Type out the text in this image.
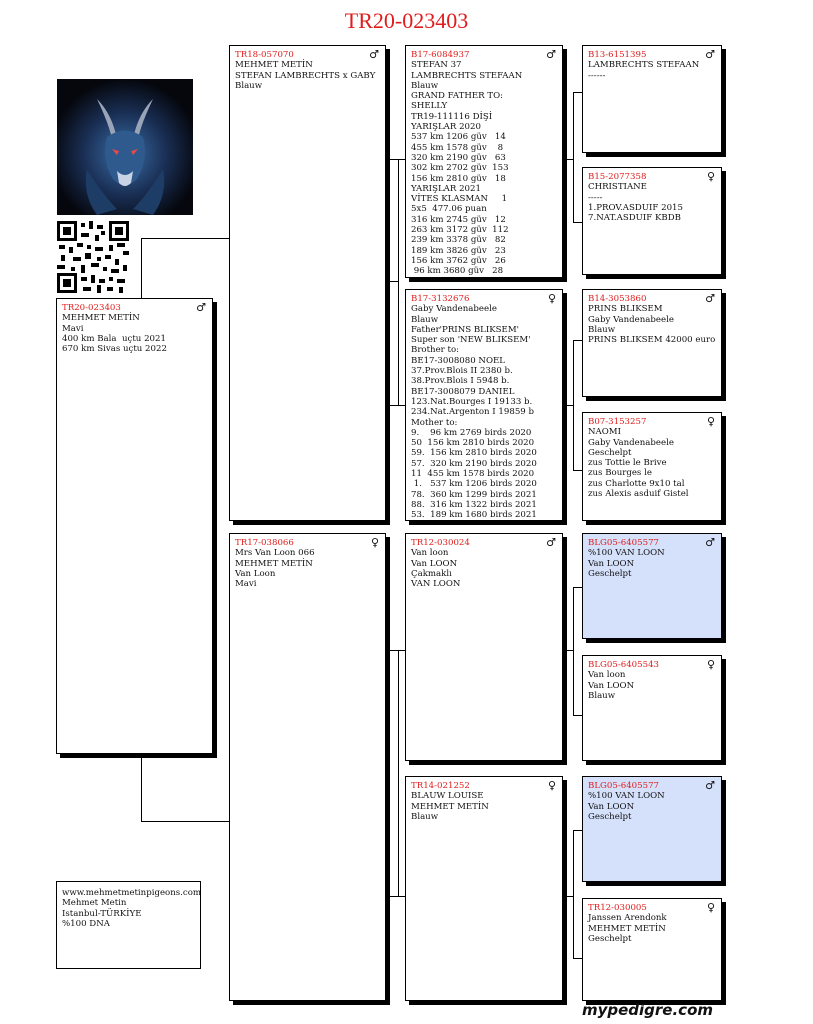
TR20-023403
TR20-023403	♂
MEHMET METİN
Mavi
400 km Bala  uçtu 2021
670 km Sivas uçtu 2022
TR18-057070	♂
MEHMET METİN
STEFAN LAMBRECHTS x GABY
Blauw
TR17-038066	♀
Mrs Van Loon 066
MEHMET METİN
Van Loon
Mavi
B17-6084937	♂
STEFAN 37
LAMBRECHTS STEFAAN
Blauw
GRAND FATHER TO:
SHELLY
TR19-111116 DİŞİ
YARIŞLAR 2020
537 km 1206 güv   14
455 km 1578 güv    8
320 km 2190 güv   63
302 km 2702 güv  153
156 km 2810 güv   18
YARIŞLAR 2021
VİTES KLASMAN     1
5x5  477.06 puan
316 km 2745 güv   12
263 km 3172 güv  112
239 km 3378 güv   82
189 km 3826 güv   23
156 km 3762 güv   26
96 km 3680 güv   28
B17-3132676	♀
Gaby Vandenabeele
Blauw
Father'PRINS BLIKSEM'
Super son 'NEW BLIKSEM'
Brother to:
BE17-3008080 NOEL
37.Prov.Blois II 2380 b.
38.Prov.Blois I 5948 b.
BE17-3008079 DANIEL
123.Nat.Bourges I 19133 b.
234.Nat.Argenton I 19859 b
Mother to:
9.    96 km 2769 birds 2020
50  156 km 2810 birds 2020
59.  156 km 2810 birds 2020
57.  320 km 2190 birds 2020
11  455 km 1578 birds 2020
1.   537 km 1206 birds 2020
78.  360 km 1299 birds 2021
88.  316 km 1322 birds 2021
53.  189 km 1680 birds 2021
TR12-030024	♂
Van loon
Van LOON
Çakmaklı
VAN LOON
TR14-021252	♀
BLAUW LOUISE
MEHMET METİN
Blauw
B13-6151395	♂
LAMBRECHTS STEFAAN
------
B15-2077358	♀
CHRISTIANE
-----
1.PROV.ASDUIF 2015
7.NAT.ASDUIF KBDB
B14-3053860	♂
PRINS BLIKSEM
Gaby Vandenabeele
Blauw
PRINS BLIKSEM 42000 euro
B07-3153257	♀
NAOMI
Gaby Vandenabeele
Geschelpt
zus Tottie le Brive
zus Bourges le
zus Charlotte 9x10 tal
zus Alexis asduif Gistel
BLG05-6405577	♂
%100 VAN LOON
Van LOON
Geschelpt
BLG05-6405543	♀
Van loon
Van LOON
Blauw
BLG05-6405577	♂
%100 VAN LOON
Van LOON
Geschelpt
TR12-030005	♀
Janssen Arendonk
MEHMET METİN
Geschelpt
www.mehmetmetinpigeons.com
Mehmet Metin
Istanbul-TÜRKİYE
%100 DNA
mypedigre.com
